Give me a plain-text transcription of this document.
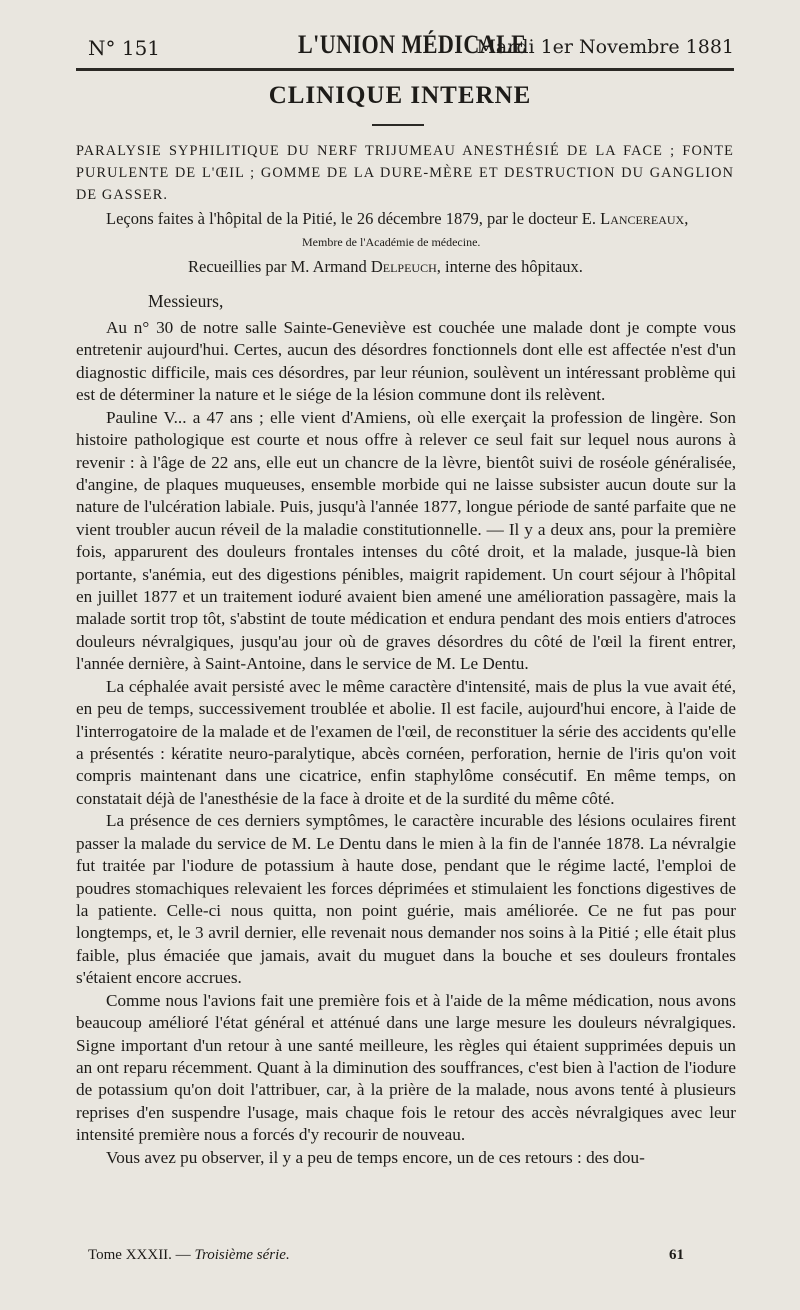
N° 151	L'UNION MÉDICALE
Mardi 1er Novembre 1881
CLINIQUE INTERNE
PARALYSIE SYPHILITIQUE DU NERF TRIJUMEAU ANESTHÉSIÉ DE LA FACE ; FONTE PURULENTE DE L'ŒIL ; GOMME DE LA DURE-MÈRE ET DESTRUCTION DU GANGLION DE GASSER.
Leçons faites à l'hôpital de la Pitié, le 26 décembre 1879, par le docteur E. Lancereaux,
Membre de l'Académie de médecine.
Recueillies par M. Armand Delpeuch, interne des hôpitaux.
Messieurs,

Au n° 30 de notre salle Sainte-Geneviève est couchée une malade dont je compte vous entretenir aujourd'hui. Certes, aucun des désordres fonctionnels dont elle est affectée n'est d'un diagnostic difficile, mais ces désordres, par leur réunion, soulèvent un intéressant problème qui est de déterminer la nature et le siége de la lésion commune dont ils relèvent.

Pauline V... a 47 ans ; elle vient d'Amiens, où elle exerçait la profession de lingère. Son histoire pathologique est courte et nous offre à relever ce seul fait sur lequel nous aurons à revenir : à l'âge de 22 ans, elle eut un chancre de la lèvre, bientôt suivi de roséole généralisée, d'angine, de plaques muqueuses, ensemble morbide qui ne laisse subsister aucun doute sur la nature de l'ulcération labiale. Puis, jusqu'à l'année 1877, longue période de santé parfaite que ne vient troubler aucun réveil de la maladie constitutionnelle. — Il y a deux ans, pour la première fois, apparurent des douleurs frontales intenses du côté droit, et la malade, jusque-là bien portante, s'anémia, eut des digestions pénibles, maigrit rapidement. Un court séjour à l'hôpital en juillet 1877 et un traitement ioduré avaient bien amené une amélioration passagère, mais la malade sortit trop tôt, s'abstint de toute médication et endura pendant des mois entiers d'atroces douleurs névralgiques, jusqu'au jour où de graves désordres du côté de l'œil la firent entrer, l'année dernière, à Saint-Antoine, dans le service de M. Le Dentu.

La céphalée avait persisté avec le même caractère d'intensité, mais de plus la vue avait été, en peu de temps, successivement troublée et abolie. Il est facile, aujourd'hui encore, à l'aide de l'interrogatoire de la malade et de l'examen de l'œil, de reconstituer la série des accidents qu'elle a présentés : kératite neuro-paralytique, abcès cornéen, perforation, hernie de l'iris qu'on voit compris maintenant dans une cicatrice, enfin staphylôme consécutif. En même temps, on constatait déjà de l'anesthésie de la face à droite et de la surdité du même côté.

La présence de ces derniers symptômes, le caractère incurable des lésions oculaires firent passer la malade du service de M. Le Dentu dans le mien à la fin de l'année 1878. La névralgie fut traitée par l'iodure de potassium à haute dose, pendant que le régime lacté, l'emploi de poudres stomachiques relevaient les forces déprimées et stimulaient les fonctions digestives de la patiente. Celle-ci nous quitta, non point guérie, mais améliorée. Ce ne fut pas pour longtemps, et, le 3 avril dernier, elle revenait nous demander nos soins à la Pitié ; elle était plus faible, plus émaciée que jamais, avait du muguet dans la bouche et ses douleurs frontales s'étaient encore accrues.

Comme nous l'avions fait une première fois et à l'aide de la même médication, nous avons beaucoup amélioré l'état général et atténué dans une large mesure les douleurs névralgiques. Signe important d'un retour à une santé meilleure, les règles qui étaient supprimées depuis un an ont reparu récemment. Quant à la diminution des souffrances, c'est bien à l'action de l'iodure de potassium qu'on doit l'attribuer, car, à la prière de la malade, nous avons tenté à plusieurs reprises d'en suspendre l'usage, mais chaque fois le retour des accès névralgiques avec leur intensité première nous a forcés d'y recourir de nouveau.

Vous avez pu observer, il y a peu de temps encore, un de ces retours : des dou-

Tome XXXII. — Troisième série.	61
